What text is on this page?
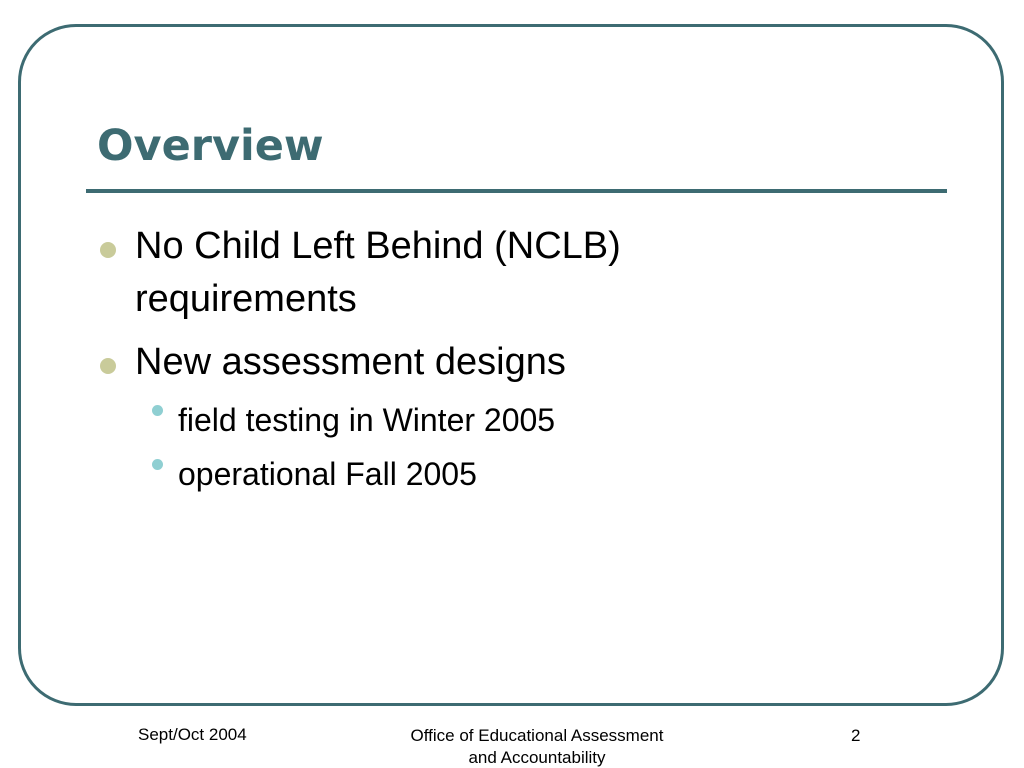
Overview
No Child Left Behind (NCLB)
requirements
New assessment designs
field testing in Winter 2005
operational Fall 2005
Sept/Oct 2004	Office of Educational Assessment
and Accountability
2
